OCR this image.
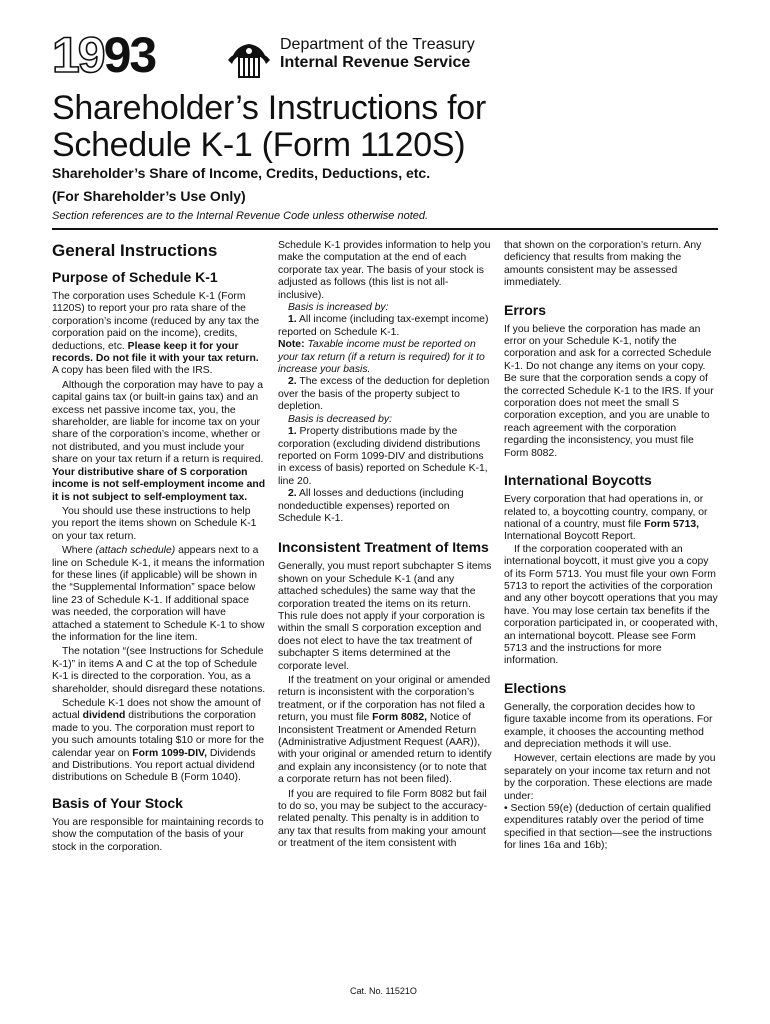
1993	Department of the Treasury
Internal Revenue Service
Shareholder’s Instructions for
Schedule K-1 (Form 1120S)
Shareholder’s Share of Income, Credits, Deductions, etc.
(For Shareholder’s Use Only)
Section references are to the Internal Revenue Code unless otherwise noted.
General Instructions
Purpose of Schedule K-1

The corporation uses Schedule K-1 (Form 1120S) to report your pro rata share of the corporation’s income (reduced by any tax the corporation paid on the income), credits, deductions, etc. Please keep it for your records. Do not file it with your tax return. A copy has been filed with the IRS.

Although the corporation may have to pay a capital gains tax (or built-in gains tax) and an excess net passive income tax, you, the shareholder, are liable for income tax on your share of the corporation’s income, whether or not distributed, and you must include your share on your tax return if a return is required. Your distributive share of S corporation income is not self-employment income and it is not subject to self-employment tax.

You should use these instructions to help you report the items shown on Schedule K-1 on your tax return.

Where (attach schedule) appears next to a line on Schedule K-1, it means the information for these lines (if applicable) will be shown in the “Supplemental Information” space below line 23 of Schedule K-1. If additional space was needed, the corporation will have attached a statement to Schedule K-1 to show the information for the line item.

The notation “(see Instructions for Schedule K-1)” in items A and C at the top of Schedule K-1 is directed to the corporation. You, as a shareholder, should disregard these notations.

Schedule K-1 does not show the amount of actual dividend distributions the corporation made to you. The corporation must report to you such amounts totaling $10 or more for the calendar year on Form 1099-DIV, Dividends and Distributions. You report actual dividend distributions on Schedule B (Form 1040).

Basis of Your Stock

You are responsible for maintaining records to show the computation of the basis of your stock in the corporation.

Schedule K-1 provides information to help you make the computation at the end of each corporate tax year. The basis of your stock is adjusted as follows (this list is not all-inclusive).

Basis is increased by:

1. All income (including tax-exempt income) reported on Schedule K-1.

Note: Taxable income must be reported on your tax return (if a return is required) for it to increase your basis.

2. The excess of the deduction for depletion over the basis of the property subject to depletion.

Basis is decreased by:

1. Property distributions made by the corporation (excluding dividend distributions reported on Form 1099-DIV and distributions in excess of basis) reported on Schedule K-1, line 20.

2. All losses and deductions (including nondeductible expenses) reported on Schedule K-1.

Inconsistent Treatment of Items

Generally, you must report subchapter S items shown on your Schedule K-1 (and any attached schedules) the same way that the corporation treated the items on its return. This rule does not apply if your corporation is within the small S corporation exception and does not elect to have the tax treatment of subchapter S items determined at the corporate level.

If the treatment on your original or amended return is inconsistent with the corporation’s treatment, or if the corporation has not filed a return, you must file Form 8082, Notice of Inconsistent Treatment or Amended Return (Administrative Adjustment Request (AAR)), with your original or amended return to identify and explain any inconsistency (or to note that a corporate return has not been filed).

If you are required to file Form 8082 but fail to do so, you may be subject to the accuracy-related penalty. This penalty is in addition to any tax that results from making your amount or treatment of the item consistent with

that shown on the corporation’s return. Any deficiency that results from making the amounts consistent may be assessed immediately.

Errors

If you believe the corporation has made an error on your Schedule K-1, notify the corporation and ask for a corrected Schedule K-1. Do not change any items on your copy. Be sure that the corporation sends a copy of the corrected Schedule K-1 to the IRS. If your corporation does not meet the small S corporation exception, and you are unable to reach agreement with the corporation regarding the inconsistency, you must file Form 8082.

International Boycotts

Every corporation that had operations in, or related to, a boycotting country, company, or national of a country, must file Form 5713, International Boycott Report.

If the corporation cooperated with an international boycott, it must give you a copy of its Form 5713. You must file your own Form 5713 to report the activities of the corporation and any other boycott operations that you may have. You may lose certain tax benefits if the corporation participated in, or cooperated with, an international boycott. Please see Form 5713 and the instructions for more information.

Elections

Generally, the corporation decides how to figure taxable income from its operations. For example, it chooses the accounting method and depreciation methods it will use.

However, certain elections are made by you separately on your income tax return and not by the corporation. These elections are made under:

• Section 59(e) (deduction of certain qualified expenditures ratably over the period of time specified in that section—see the instructions for lines 16a and 16b);

Cat. No. 11521O
